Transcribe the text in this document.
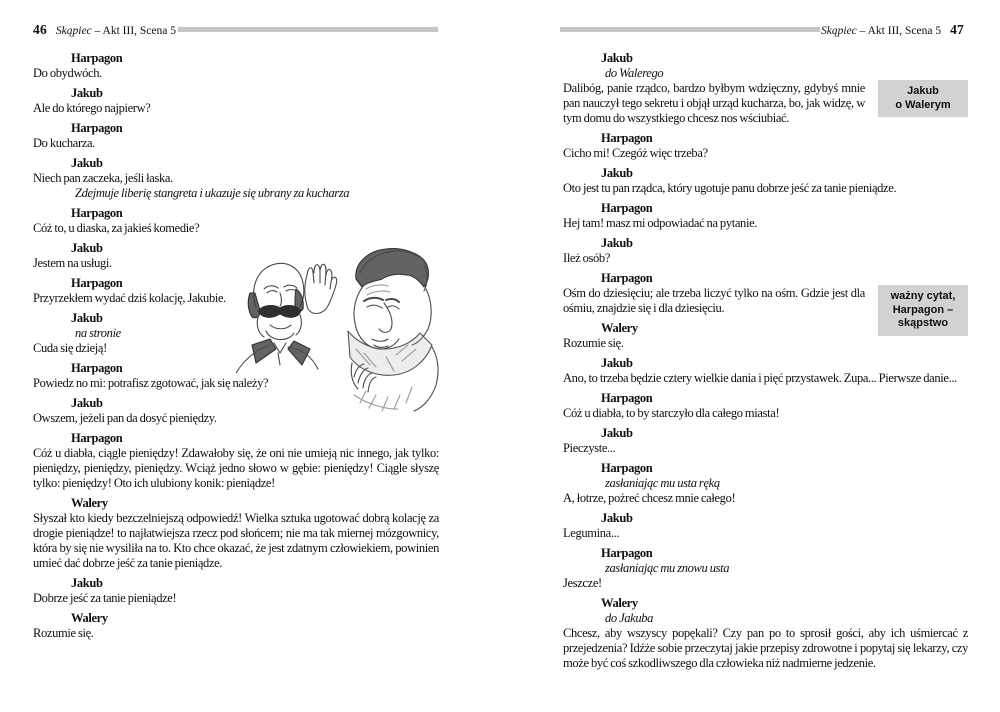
46 Skąpiec – Akt III, Scena 5
Harpagon
Do obydwóch.
Jakub
Ale do którego najpierw?
Harpagon
Do kucharza.
Jakub
Niech pan zaczeka, jeśli łaska.
Zdejmuje liberię stangreta i ukazuje się ubrany za kucharza
Harpagon
Cóż to, u diaska, za jakieś komedie?
Jakub
Jestem na usługi.
Harpagon
Przyrzekłem wydać dziś kolację, Jakubie.
Jakub
na stronie
Cuda się dzieją!
Harpagon
Powiedz no mi: potrafisz zgotować, jak się należy?
Jakub
Owszem, jeżeli pan da dosyć pieniędzy.
Harpagon
Cóż u diabła, ciągle pieniędzy! Zdawałoby się, że oni nie umieją nic innego, jak tylko: pieniędzy, pieniędzy, pieniędzy. Wciąż jedno słowo w gębie: pieniędzy! Ciągle słyszę tylko: pieniędzy! Oto ich ulubiony konik: pieniądze!
Walery
Słyszał kto kiedy bezczelniejszą odpowiedź! Wielka sztuka ugotować dobrą kolację za drogie pieniądze! to najłatwiejsza rzecz pod słońcem; nie ma tak miernej mózgownicy, która by się nie wysiliła na to. Kto chce okazać, że jest zdatnym człowiekiem, powinien umieć dać dobrze jeść za tanie pieniądze.
Jakub
Dobrze jeść za tanie pieniądze!
Walery
Rozumie się.
Skąpiec – Akt III, Scena 5 47
Jakub
do Walerego
Dalibóg, panie rządco, bardzo byłbym wdzięczny, gdybyś mnie pan nauczył tego sekretu i objął urząd kucharza, bo, jak widzę, w tym domu do wszystkiego chcesz nos wściubiać.
Harpagon
Cicho mi! Czegóż więc trzeba?
Jakub
Oto jest tu pan rządca, który ugotuje panu dobrze jeść za tanie pieniądze.
Harpagon
Hej tam! masz mi odpowiadać na pytanie.
Jakub
Ileż osób?
Harpagon
Ośm do dziesięciu; ale trzeba liczyć tylko na ośm. Gdzie jest dla ośmiu, znajdzie się i dla dziesięciu.
Walery
Rozumie się.
Jakub
Ano, to trzeba będzie cztery wielkie dania i pięć przystawek. Zupa... Pierwsze danie...
Harpagon
Cóż u diabła, to by starczyło dla całego miasta!
Jakub
Pieczyste...
Harpagon
zasłaniając mu usta ręką
A, łotrze, pożreć chcesz mnie całego!
Jakub
Legumina...
Harpagon
zasłaniając mu znowu usta
Jeszcze!
Walery
do Jakuba
Chcesz, aby wszyscy popękali? Czy pan po to sprosił gości, aby ich uśmiercać z przejedzenia? Idźże sobie przeczytaj jakie przepisy zdrowotne i popytaj się lekarzy, czy może być coś szkodliwszego dla człowieka niż nadmierne jedzenie.
Jakub
o Walerym
ważny cytat,
Harpagon –
skąpstwo
